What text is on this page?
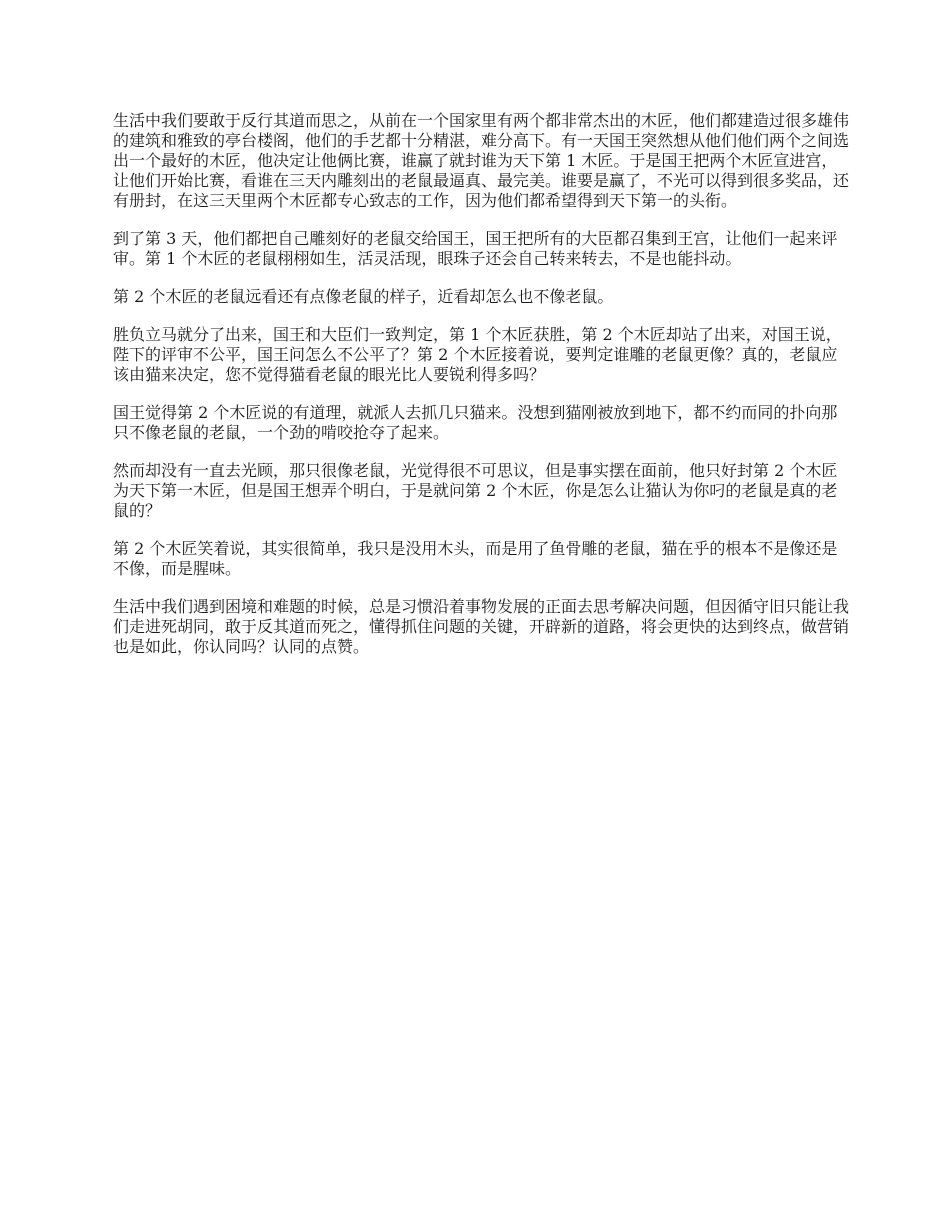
生活中我们要敢于反行其道而思之，从前在一个国家里有两个都非常杰出的木匠，他们都建造过很多雄伟的建筑和雅致的亭台楼阁，他们的手艺都十分精湛，难分高下。有一天国王突然想从他们他们两个之间选出一个最好的木匠，他决定让他俩比赛，谁赢了就封谁为天下第 1 木匠。于是国王把两个木匠宣进宫，让他们开始比赛，看谁在三天内雕刻出的老鼠最逼真、最完美。谁要是赢了，不光可以得到很多奖品，还有册封，在这三天里两个木匠都专心致志的工作，因为他们都希望得到天下第一的头衔。

到了第 3 天，他们都把自己雕刻好的老鼠交给国王，国王把所有的大臣都召集到王宫，让他们一起来评审。第 1 个木匠的老鼠栩栩如生，活灵活现，眼珠子还会自己转来转去，不是也能抖动。

第 2 个木匠的老鼠远看还有点像老鼠的样子，近看却怎么也不像老鼠。

胜负立马就分了出来，国王和大臣们一致判定，第 1 个木匠获胜，第 2 个木匠却站了出来，对国王说，陛下的评审不公平，国王问怎么不公平了？第 2 个木匠接着说，要判定谁雕的老鼠更像？真的，老鼠应该由猫来决定，您不觉得猫看老鼠的眼光比人要锐利得多吗？

国王觉得第 2 个木匠说的有道理，就派人去抓几只猫来。没想到猫刚被放到地下，都不约而同的扑向那只不像老鼠的老鼠，一个劲的啃咬抢夺了起来。

然而却没有一直去光顾，那只很像老鼠，光觉得很不可思议，但是事实摆在面前，他只好封第 2 个木匠为天下第一木匠，但是国王想弄个明白，于是就问第 2 个木匠，你是怎么让猫认为你叼的老鼠是真的老鼠的？

第 2 个木匠笑着说，其实很简单，我只是没用木头，而是用了鱼骨雕的老鼠，猫在乎的根本不是像还是不像，而是腥味。

生活中我们遇到困境和难题的时候，总是习惯沿着事物发展的正面去思考解决问题，但因循守旧只能让我们走进死胡同，敢于反其道而死之，懂得抓住问题的关键，开辟新的道路，将会更快的达到终点，做营销也是如此，你认同吗？认同的点赞。
